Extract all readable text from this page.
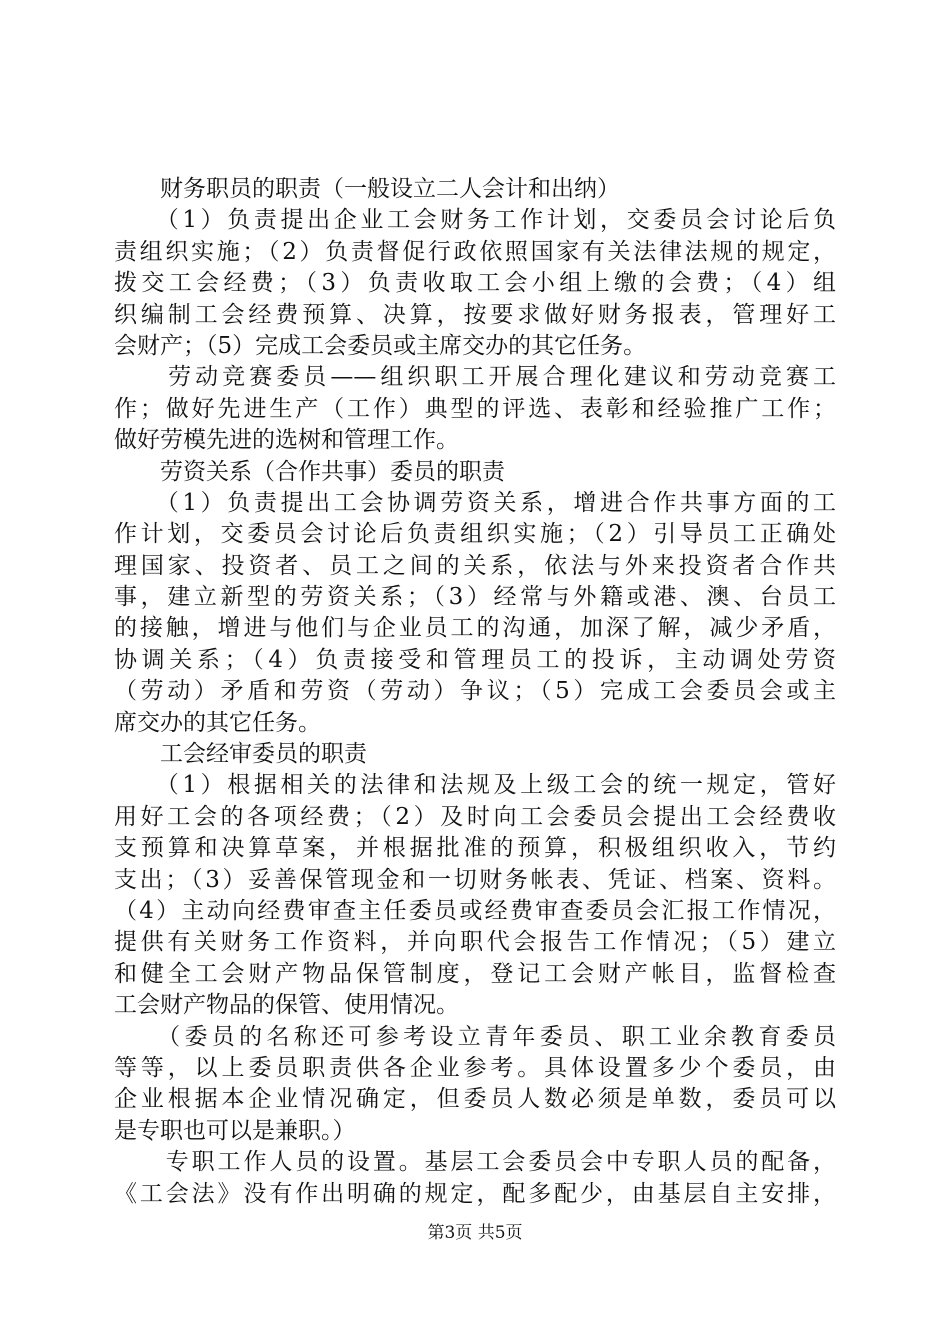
　　财务职员的职责（一般设立二人会计和出纳）
　　（1）负责提出企业工会财务工作计划，交委员会讨论后负
责组织实施；（2）负责督促行政依照国家有关法律法规的规定，
拨交工会经费；（3）负责收取工会小组上缴的会费；（4）组
织编制工会经费预算、决算，按要求做好财务报表，管理好工
会财产；（5）完成工会委员或主席交办的其它任务。
　　劳动竞赛委员——组织职工开展合理化建议和劳动竞赛工
作；做好先进生产（工作）典型的评选、表彰和经验推广工作；
做好劳模先进的选树和管理工作。
　　劳资关系（合作共事）委员的职责
　　（1）负责提出工会协调劳资关系，增进合作共事方面的工
作计划，交委员会讨论后负责组织实施；（2）引导员工正确处
理国家、投资者、员工之间的关系，依法与外来投资者合作共
事，建立新型的劳资关系；（3）经常与外籍或港、澳、台员工
的接触，增进与他们与企业员工的沟通，加深了解，减少矛盾，
协调关系；（4）负责接受和管理员工的投诉，主动调处劳资
（劳动）矛盾和劳资（劳动）争议；（5）完成工会委员会或主
席交办的其它任务。
　　工会经审委员的职责
　　（1）根据相关的法律和法规及上级工会的统一规定，管好
用好工会的各项经费；（2）及时向工会委员会提出工会经费收
支预算和决算草案，并根据批准的预算，积极组织收入，节约
支出；（3）妥善保管现金和一切财务帐表、凭证、档案、资料。
（4）主动向经费审查主任委员或经费审查委员会汇报工作情况，
提供有关财务工作资料，并向职代会报告工作情况；（5）建立
和健全工会财产物品保管制度，登记工会财产帐目，监督检查
工会财产物品的保管、使用情况。
　　（委员的名称还可参考设立青年委员、职工业余教育委员
等等，以上委员职责供各企业参考。具体设置多少个委员，由
企业根据本企业情况确定，但委员人数必须是单数，委员可以
是专职也可以是兼职。）
　　专职工作人员的设置。基层工会委员会中专职人员的配备，
《工会法》没有作出明确的规定，配多配少，由基层自主安排，
第3页 共5页
